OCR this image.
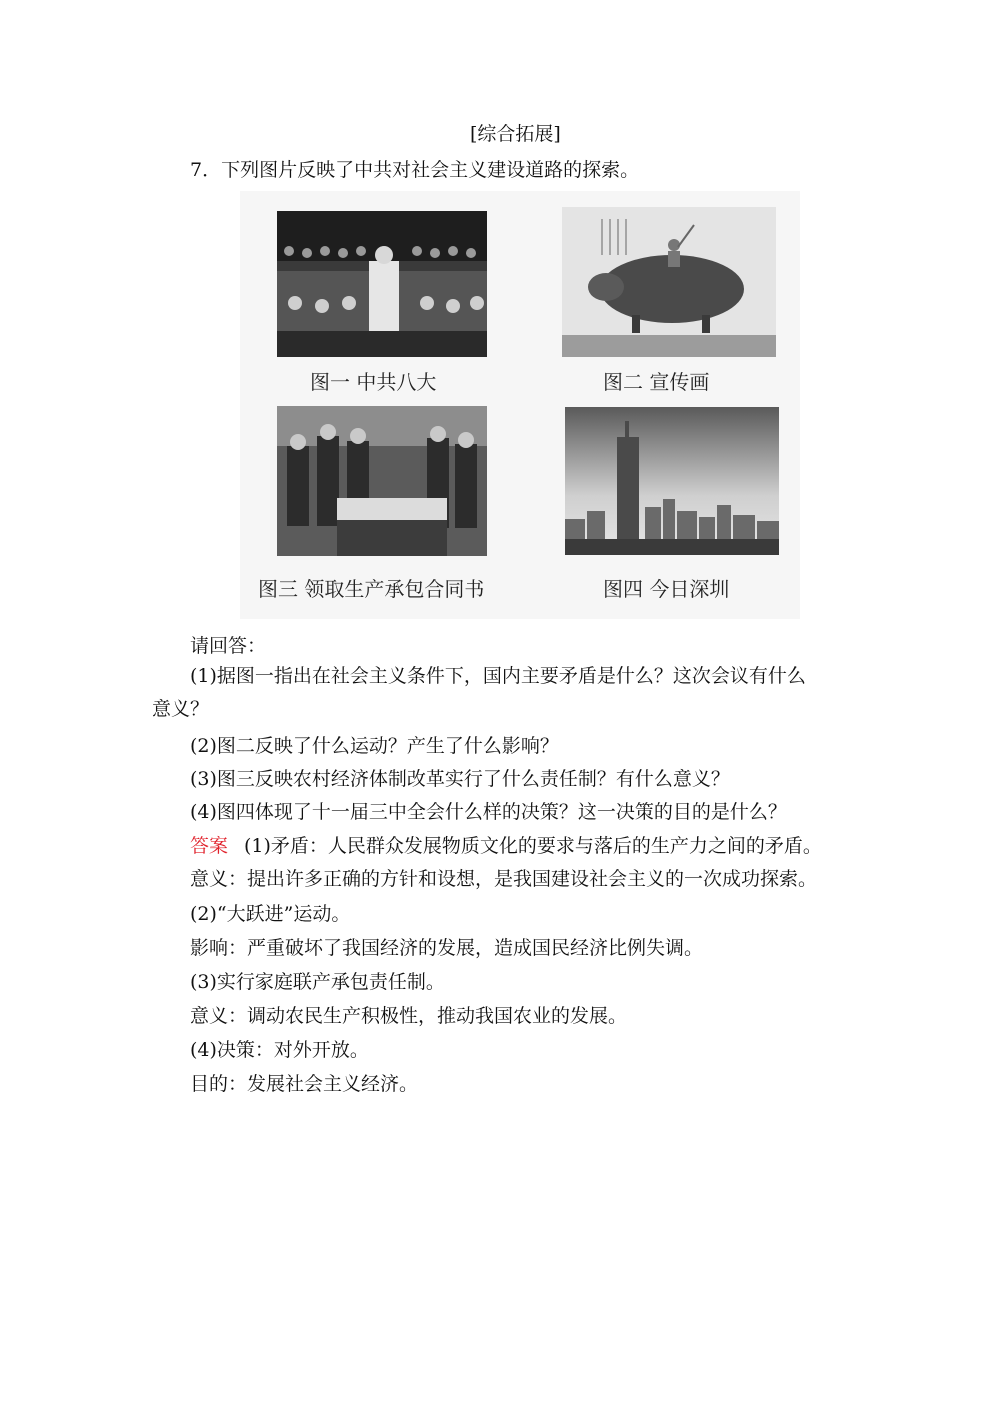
[综合拓展]
7．下列图片反映了中共对社会主义建设道路的探索。
图一 中共八大	图二 宣传画
图三 领取生产承包合同书	图四 今日深圳
请回答：
(1)据图一指出在社会主义条件下，国内主要矛盾是什么？这次会议有什么
意义？
(2)图二反映了什么运动？产生了什么影响？
(3)图三反映农村经济体制改革实行了什么责任制？有什么意义？
(4)图四体现了十一届三中全会什么样的决策？这一决策的目的是什么？
答案 (1)矛盾：人民群众发展物质文化的要求与落后的生产力之间的矛盾。
意义：提出许多正确的方针和设想，是我国建设社会主义的一次成功探索。
(2)“大跃进”运动。
影响：严重破坏了我国经济的发展，造成国民经济比例失调。
(3)实行家庭联产承包责任制。
意义：调动农民生产积极性，推动我国农业的发展。
(4)决策：对外开放。
目的：发展社会主义经济。
